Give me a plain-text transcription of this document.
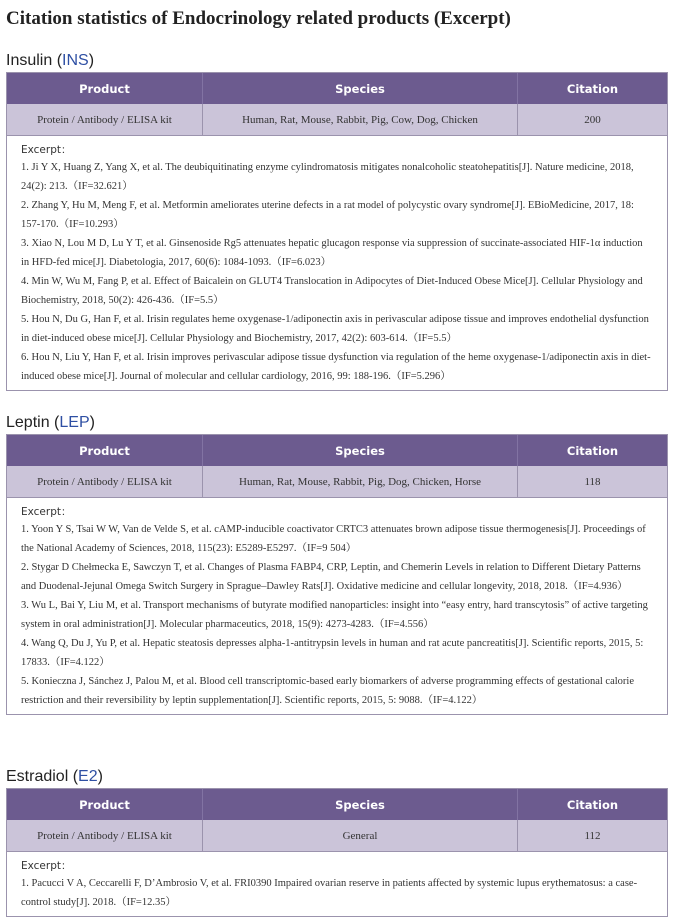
Citation statistics of Endocrinology related products (Excerpt)
Insulin (INS)
Product	Species	Citation
Protein / Antibody / ELISA kit	Human, Rat, Mouse, Rabbit, Pig, Cow, Dog, Chicken	200
Excerpt：
1. Ji Y X, Huang Z, Yang X, et al. The deubiquitinating enzyme cylindromatosis mitigates nonalcoholic steatohepatitis[J]. Nature medicine, 2018, 24(2): 213.（IF=32.621）
2. Zhang Y, Hu M, Meng F, et al. Metformin ameliorates uterine defects in a rat model of polycystic ovary syndrome[J]. EBioMedicine, 2017, 18: 157-170.（IF=10.293）
3. Xiao N, Lou M D, Lu Y T, et al. Ginsenoside Rg5 attenuates hepatic glucagon response via suppression of succinate-associated HIF-1α induction in HFD-fed mice[J]. Diabetologia, 2017, 60(6): 1084-1093.（IF=6.023）
4. Min W, Wu M, Fang P, et al. Effect of Baicalein on GLUT4 Translocation in Adipocytes of Diet-Induced Obese Mice[J]. Cellular Physiology and Biochemistry, 2018, 50(2): 426-436.（IF=5.5）
5. Hou N, Du G, Han F, et al. Irisin regulates heme oxygenase-1/adiponectin axis in perivascular adipose tissue and improves endothelial dysfunction in diet-induced obese mice[J]. Cellular Physiology and Biochemistry, 2017, 42(2): 603-614.（IF=5.5）
6. Hou N, Liu Y, Han F, et al. Irisin improves perivascular adipose tissue dysfunction via regulation of the heme oxygenase-1/adiponectin axis in diet-induced obese mice[J]. Journal of molecular and cellular cardiology, 2016, 99: 188-196.（IF=5.296）
Leptin (LEP)
Product	Species	Citation
Protein / Antibody / ELISA kit	Human, Rat, Mouse, Rabbit, Pig, Dog, Chicken, Horse	118
Excerpt：
1. Yoon Y S, Tsai W W, Van de Velde S, et al. cAMP-inducible coactivator CRTC3 attenuates brown adipose tissue thermogenesis[J]. Proceedings of the National Academy of Sciences, 2018, 115(23): E5289-E5297.（IF=9 504）
2. Stygar D Chełmecka E, Sawczyn T, et al. Changes of Plasma FABP4, CRP, Leptin, and Chemerin Levels in relation to Different Dietary Patterns and Duodenal-Jejunal Omega Switch Surgery in Sprague–Dawley Rats[J]. Oxidative medicine and cellular longevity, 2018, 2018.（IF=4.936）
3. Wu L, Bai Y, Liu M, et al. Transport mechanisms of butyrate modified nanoparticles: insight into “easy entry, hard transcytosis” of active targeting system in oral administration[J]. Molecular pharmaceutics, 2018, 15(9): 4273-4283.（IF=4.556）
4. Wang Q, Du J, Yu P, et al. Hepatic steatosis depresses alpha-1-antitrypsin levels in human and rat acute pancreatitis[J]. Scientific reports, 2015, 5: 17833.（IF=4.122）
5. Konieczna J, Sánchez J, Palou M, et al. Blood cell transcriptomic-based early biomarkers of adverse programming effects of gestational calorie restriction and their reversibility by leptin supplementation[J]. Scientific reports, 2015, 5: 9088.（IF=4.122）
Estradiol (E2)
Product	Species	Citation
Protein / Antibody / ELISA kit	General	112
Excerpt：
1. Pacucci V A, Ceccarelli F, D’Ambrosio V, et al. FRI0390 Impaired ovarian reserve in patients affected by systemic lupus erythematosus: a case-control study[J]. 2018.（IF=12.35）
